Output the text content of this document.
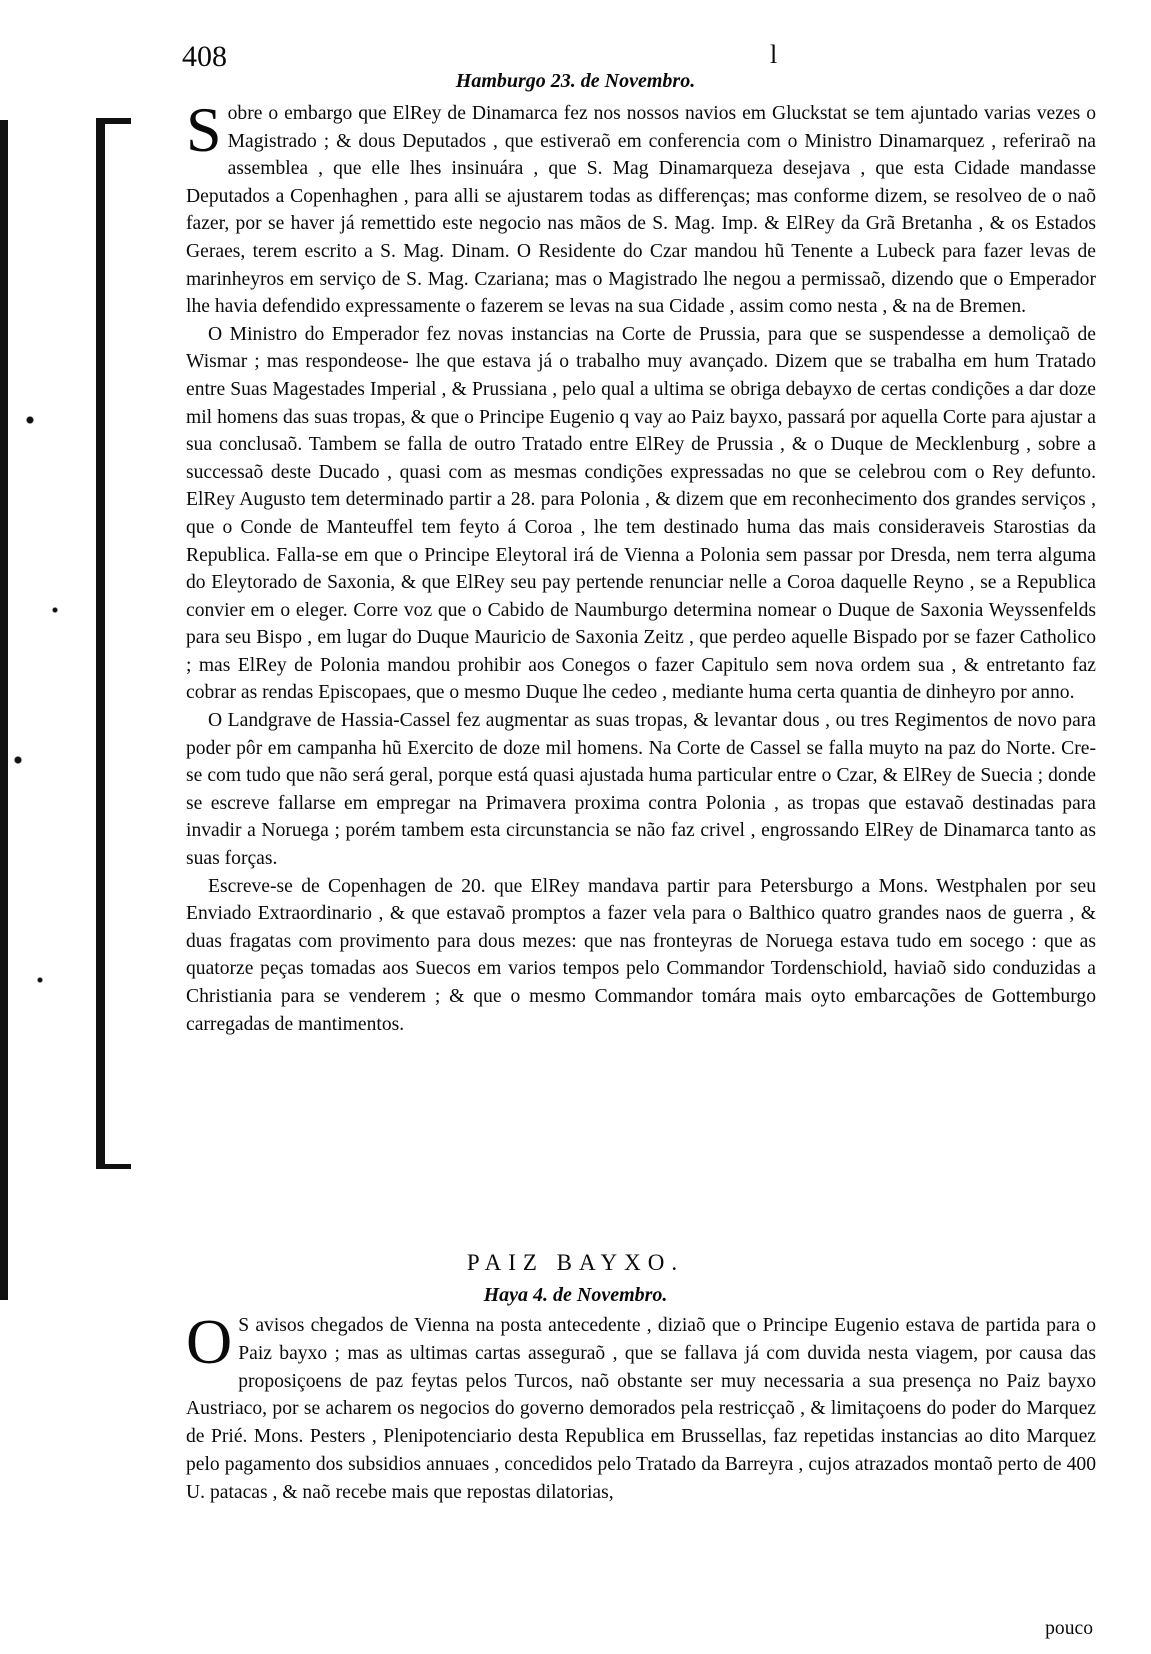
408	l
Hamburgo 23. de Novembro.

Sobre o embargo que ElRey de Dinamarca fez nos nossos navios em Gluckstat se tem ajuntado varias vezes o Magistrado ; & dous Deputados , que estiveraõ em conferencia com o Ministro Dinamarquez , referiraõ na assemblea , que elle lhes insinuára , que S. Mag Dinamarqueza desejava , que esta Cidade mandasse Deputados a Copenhaghen , para alli se ajustarem todas as differenças; mas conforme dizem, se resolveo de o naõ fazer, por se haver já remettido este negocio nas mãos de S. Mag. Imp. & ElRey da Grã Bretanha , & os Estados Geraes, terem escrito a S. Mag. Dinam. O Residente do Czar mandou hũ Tenente a Lubeck para fazer levas de marinheyros em serviço de S. Mag. Czariana; mas o Magistrado lhe negou a permissaõ, dizendo que o Emperador lhe havia defendido expressamente o fazerem se levas na sua Cidade , assim como nesta , & na de Bremen.

O Ministro do Emperador fez novas instancias na Corte de Prussia, para que se suspendesse a demoliçaõ de Wismar ; mas respondeose- lhe que estava já o trabalho muy avançado. Dizem que se trabalha em hum Tratado entre Suas Magestades Imperial , & Prussiana , pelo qual a ultima se obriga debayxo de certas condições a dar doze mil homens das suas tropas, & que o Principe Eugenio q vay ao Paiz bayxo, passará por aquella Corte para ajustar a sua conclusaõ. Tambem se falla de outro Tratado entre ElRey de Prussia , & o Duque de Mecklenburg , sobre a successaõ deste Ducado , quasi com as mesmas condições expressadas no que se celebrou com o Rey defunto. ElRey Augusto tem determinado partir a 28. para Polonia , & dizem que em reconhecimento dos grandes serviços , que o Conde de Manteuffel tem feyto á Coroa , lhe tem destinado huma das mais consideraveis Starostias da Republica. Falla-se em que o Principe Eleytoral irá de Vienna a Polonia sem passar por Dresda, nem terra alguma do Eleytorado de Saxonia, & que ElRey seu pay pertende renunciar nelle a Coroa daquelle Reyno , se a Republica convier em o eleger. Corre voz que o Cabido de Naumburgo determina nomear o Duque de Saxonia Weyssenfelds para seu Bispo , em lugar do Duque Mauricio de Saxonia Zeitz , que perdeo aquelle Bispado por se fazer Catholico ; mas ElRey de Polonia mandou prohibir aos Conegos o fazer Capitulo sem nova ordem sua , & entretanto faz cobrar as rendas Episcopaes, que o mesmo Duque lhe cedeo , mediante huma certa quantia de dinheyro por anno.

O Landgrave de Hassia-Cassel fez augmentar as suas tropas, & levantar dous , ou tres Regimentos de novo para poder pôr em campanha hũ Exercito de doze mil homens. Na Corte de Cassel se falla muyto na paz do Norte. Cre-se com tudo que não será geral, porque está quasi ajustada huma particular entre o Czar, & ElRey de Suecia ; donde se escreve fallarse em empregar na Primavera proxima contra Polonia , as tropas que estavaõ destinadas para invadir a Noruega ; porém tambem esta circunstancia se não faz crivel , engrossando ElRey de Dinamarca tanto as suas forças.

Escreve-se de Copenhagen de 20. que ElRey mandava partir para Petersburgo a Mons. Westphalen por seu Enviado Extraordinario , & que estavaõ promptos a fazer vela para o Balthico quatro grandes naos de guerra , & duas fragatas com provimento para dous mezes: que nas fronteyras de Noruega estava tudo em socego : que as quatorze peças tomadas aos Suecos em varios tempos pelo Commandor Tordenschiold, haviaõ sido conduzidas a Christiania para se venderem ; & que o mesmo Commandor tomára mais oyto embarcações de Gottemburgo carregadas de mantimentos.

PAIZ BAYXO.
Haya 4. de Novembro.

O S avisos chegados de Vienna na posta antecedente , diziaõ que o Principe Eugenio estava de partida para o Paiz bayxo ; mas as ultimas cartas asseguraõ , que se fallava já com duvida nesta viagem, por causa das proposiçoens de paz feytas pelos Turcos, naõ obstante ser muy necessaria a sua presença no Paiz bayxo Austriaco, por se acharem os negocios do governo demorados pela restricçaõ , & limitaçoens do poder do Marquez de Prié. Mons. Pesters , Plenipotenciario desta Republica em Brussellas, faz repetidas instancias ao dito Marquez pelo pagamento dos subsidios annuaes , concedidos pelo Tratado da Barreyra , cujos atrazados montaõ perto de 400 U. patacas , & naõ recebe mais que repostas dilatorias,

pouco
